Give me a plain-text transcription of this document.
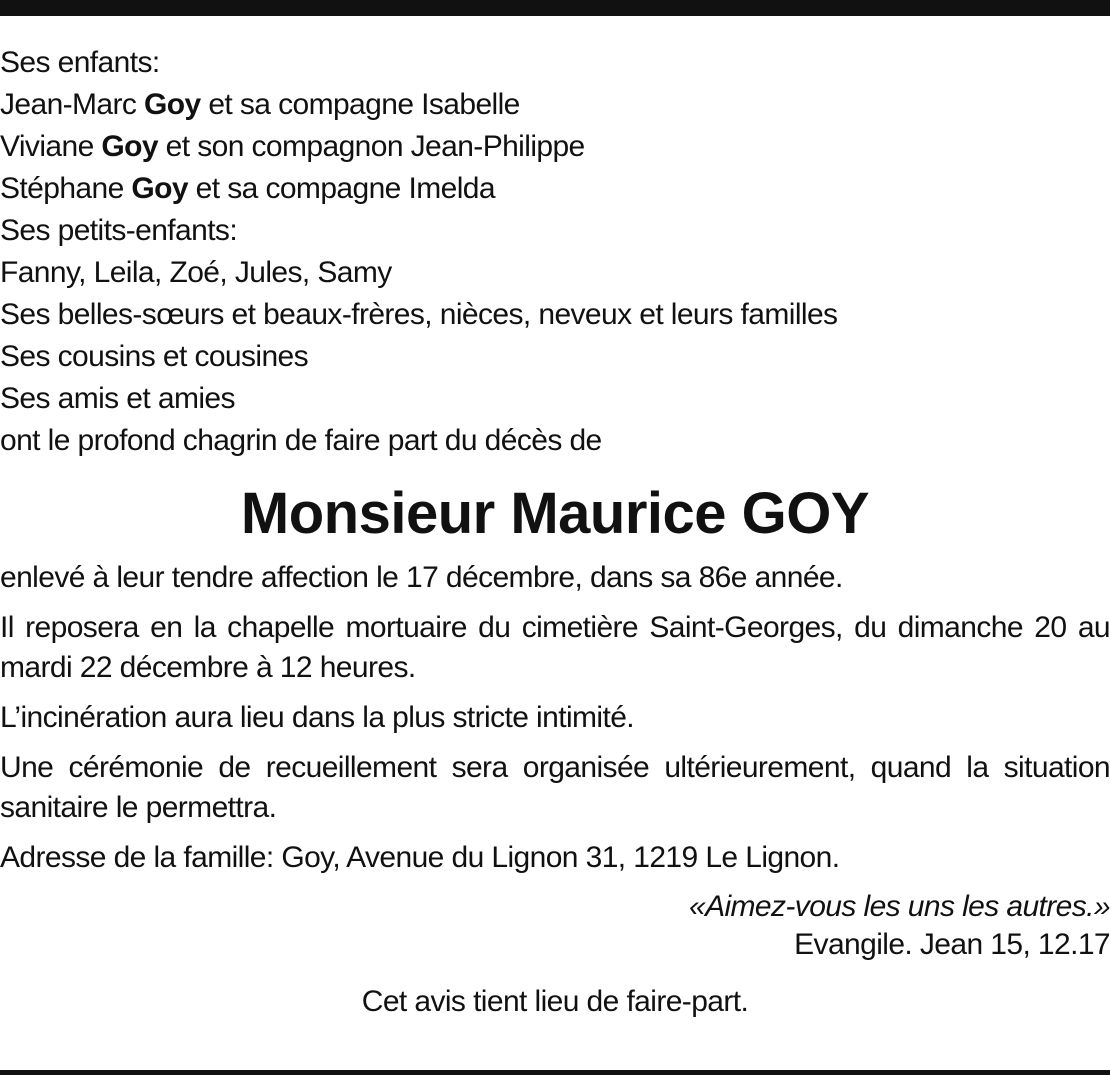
Ses enfants:
Jean-Marc Goy et sa compagne Isabelle
Viviane Goy et son compagnon Jean-Philippe
Stéphane Goy et sa compagne Imelda
Ses petits-enfants:
Fanny, Leila, Zoé, Jules, Samy
Ses belles-sœurs et beaux-frères, nièces, neveux et leurs familles
Ses cousins et cousines
Ses amis et amies
ont le profond chagrin de faire part du décès de
Monsieur Maurice GOY
enlevé à leur tendre affection le 17 décembre, dans sa 86e année.
Il reposera en la chapelle mortuaire du cimetière Saint-Georges, du dimanche 20 au mardi 22 décembre à 12 heures.
L’incinération aura lieu dans la plus stricte intimité.
Une cérémonie de recueillement sera organisée ultérieurement, quand la situation sanitaire le permettra.
Adresse de la famille: Goy, Avenue du Lignon 31, 1219 Le Lignon.
«Aimez-vous les uns les autres.»
Evangile. Jean 15, 12.17
Cet avis tient lieu de faire-part.
